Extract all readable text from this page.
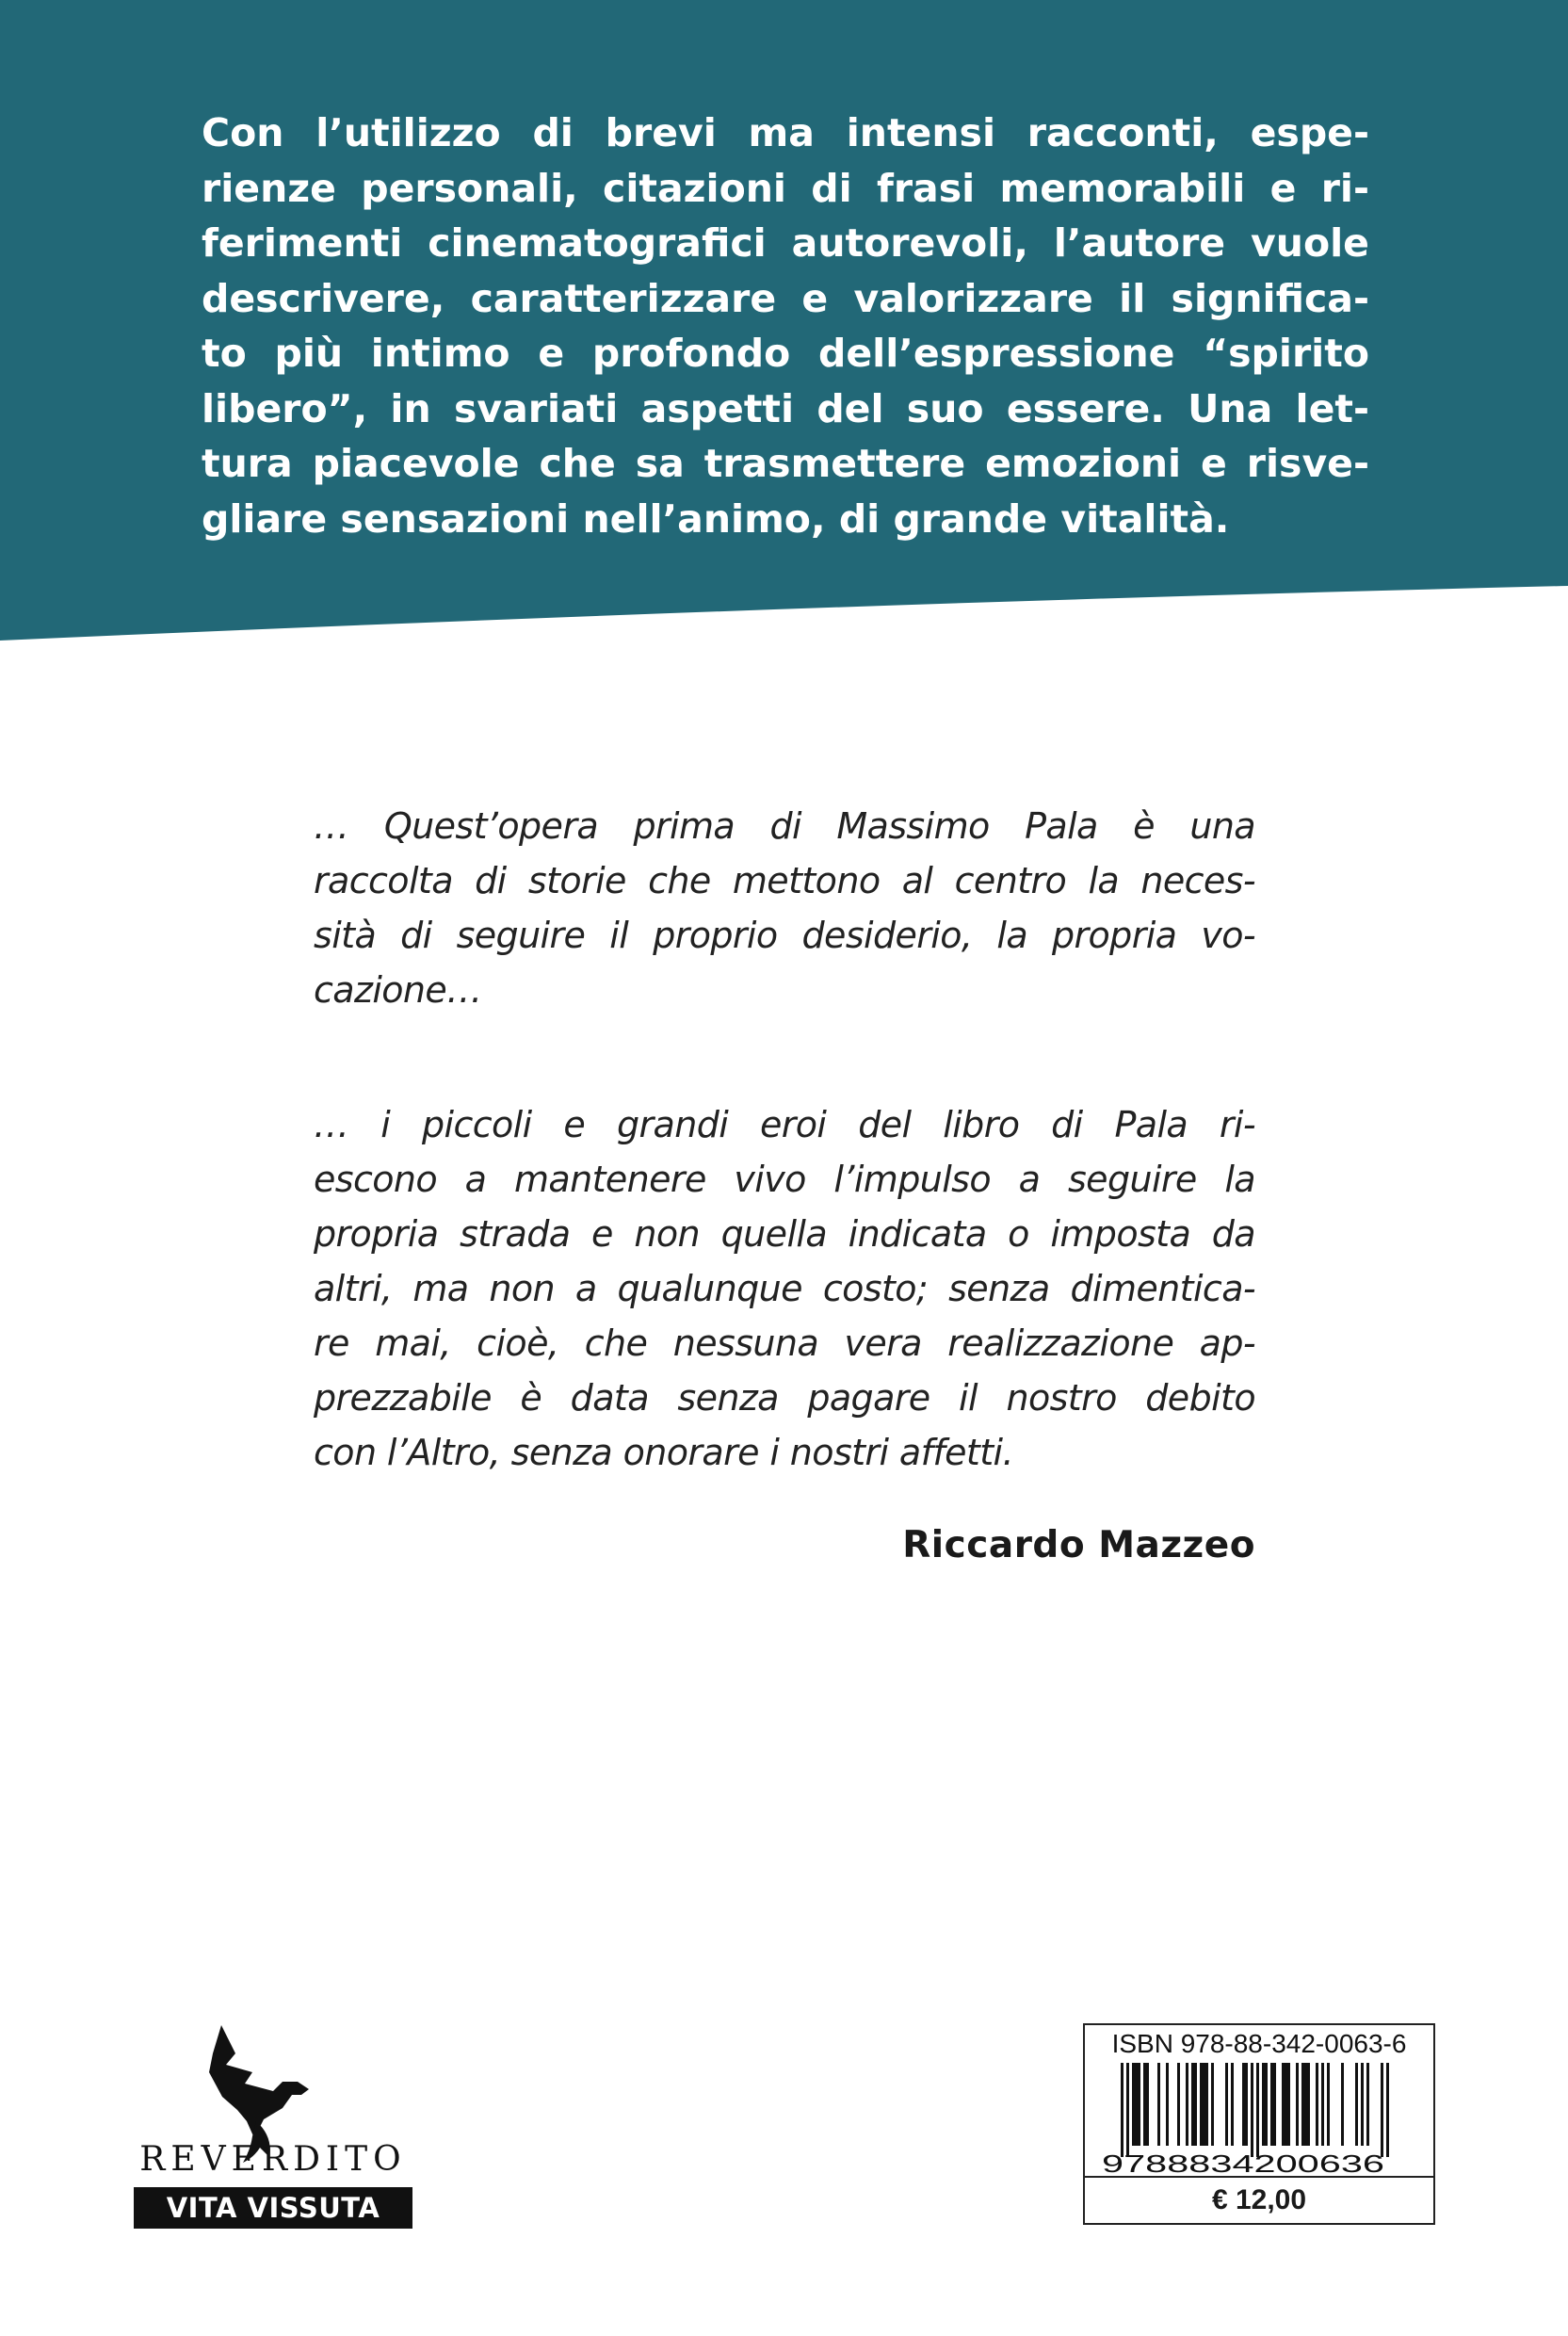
Con l’utilizzo di brevi ma intensi racconti, espe-
rienze personali, citazioni di frasi memorabili e ri-
ferimenti cinematografici autorevoli, l’autore vuole
descrivere, caratterizzare e valorizzare il significa-
to più intimo e profondo dell’espressione “spirito
libero”, in svariati aspetti del suo essere. Una let-
tura piacevole che sa trasmettere emozioni e risve-
gliare sensazioni nell’animo, di grande vitalità.
… Quest’opera prima di Massimo Pala è una
raccolta di storie che mettono al centro la neces-
sità di seguire il proprio desiderio, la propria vo-
cazione…
… i piccoli e grandi eroi del libro di Pala ri-
escono a mantenere vivo l’impulso a seguire la
propria strada e non quella indicata o imposta da
altri, ma non a qualunque costo; senza dimentica-
re mai, cioè, che nessuna vera realizzazione ap-
prezzabile è data senza pagare il nostro debito
con l’Altro, senza onorare i nostri affetti.
Riccardo Mazzeo
REVERDITO
VITA VISSUTA
ISBN 978-88-342-0063-6
9788834200636
€ 12,00
